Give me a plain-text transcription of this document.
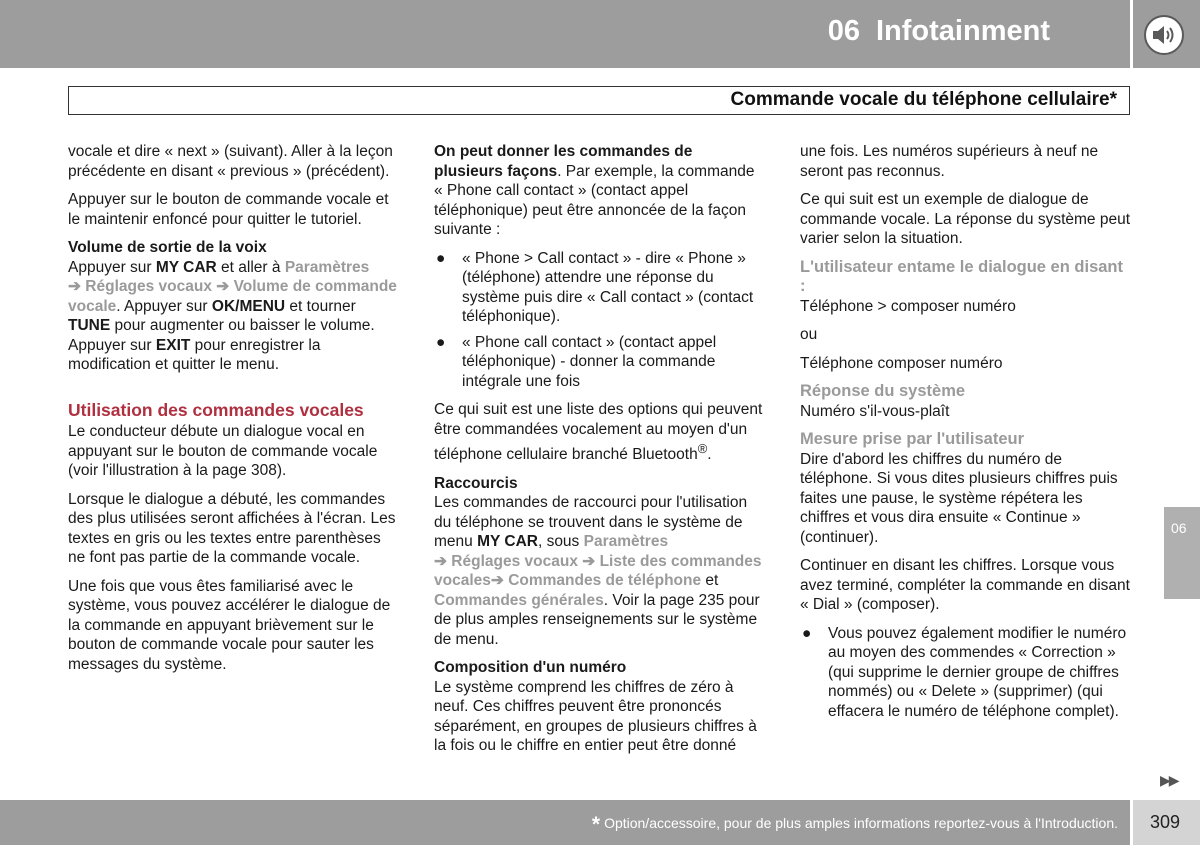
06 Infotainment
Commande vocale du téléphone cellulaire*

vocale et dire « next » (suivant). Aller à la leçon précédente en disant « previous » (précédent).

Appuyer sur le bouton de commande vocale et le maintenir enfoncé pour quitter le tutoriel.

Volume de sortie de la voix

Appuyer sur MY CAR et aller à Paramètres
➔ Réglages vocaux ➔ Volume de commande vocale. Appuyer sur OK/MENU et tourner TUNE pour augmenter ou baisser le volume. Appuyer sur EXIT pour enregistrer la modification et quitter le menu.

Utilisation des commandes vocales

Le conducteur débute un dialogue vocal en appuyant sur le bouton de commande vocale (voir l'illustration à la page 308).

Lorsque le dialogue a débuté, les commandes des plus utilisées seront affichées à l'écran. Les textes en gris ou les textes entre parenthèses ne font pas partie de la commande vocale.

Une fois que vous êtes familiarisé avec le système, vous pouvez accélérer le dialogue de la commande en appuyant brièvement sur le bouton de commande vocale pour sauter les messages du système.

On peut donner les commandes de plusieurs façons. Par exemple, la commande « Phone call contact » (contact appel téléphonique) peut être annoncée de la façon suivante :

● « Phone > Call contact » - dire « Phone » (téléphone) attendre une réponse du système puis dire « Call contact » (contact téléphonique).
● « Phone call contact » (contact appel téléphonique) - donner la commande intégrale une fois

Ce qui suit est une liste des options qui peuvent être commandées vocalement au moyen d'un téléphone cellulaire branché Bluetooth®.

Raccourcis

Les commandes de raccourci pour l'utilisation du téléphone se trouvent dans le système de menu MY CAR, sous Paramètres
➔ Réglages vocaux ➔ Liste des commandes vocales➔ Commandes de téléphone et Commandes générales. Voir la page 235 pour de plus amples renseignements sur le système de menu.

Composition d'un numéro

Le système comprend les chiffres de zéro à neuf. Ces chiffres peuvent être prononcés séparément, en groupes de plusieurs chiffres à la fois ou le chiffre en entier peut être donné

une fois. Les numéros supérieurs à neuf ne seront pas reconnus.

Ce qui suit est un exemple de dialogue de commande vocale. La réponse du système peut varier selon la situation.

L'utilisateur entame le dialogue en disant :

Téléphone > composer numéro

ou

Téléphone composer numéro

Réponse du système

Numéro s'il-vous-plaît

Mesure prise par l'utilisateur

Dire d'abord les chiffres du numéro de téléphone. Si vous dites plusieurs chiffres puis faites une pause, le système répétera les chiffres et vous dira ensuite « Continue » (continuer).

Continuer en disant les chiffres. Lorsque vous avez terminé, compléter la commande en disant « Dial » (composer).

● Vous pouvez également modifier le numéro au moyen des commendes « Correction » (qui supprime le dernier groupe de chiffres nommés) ou « Delete » (supprimer) (qui effacera le numéro de téléphone complet).
06
▶▶
* Option/accessoire, pour de plus amples informations reportez-vous à l'Introduction. 309
